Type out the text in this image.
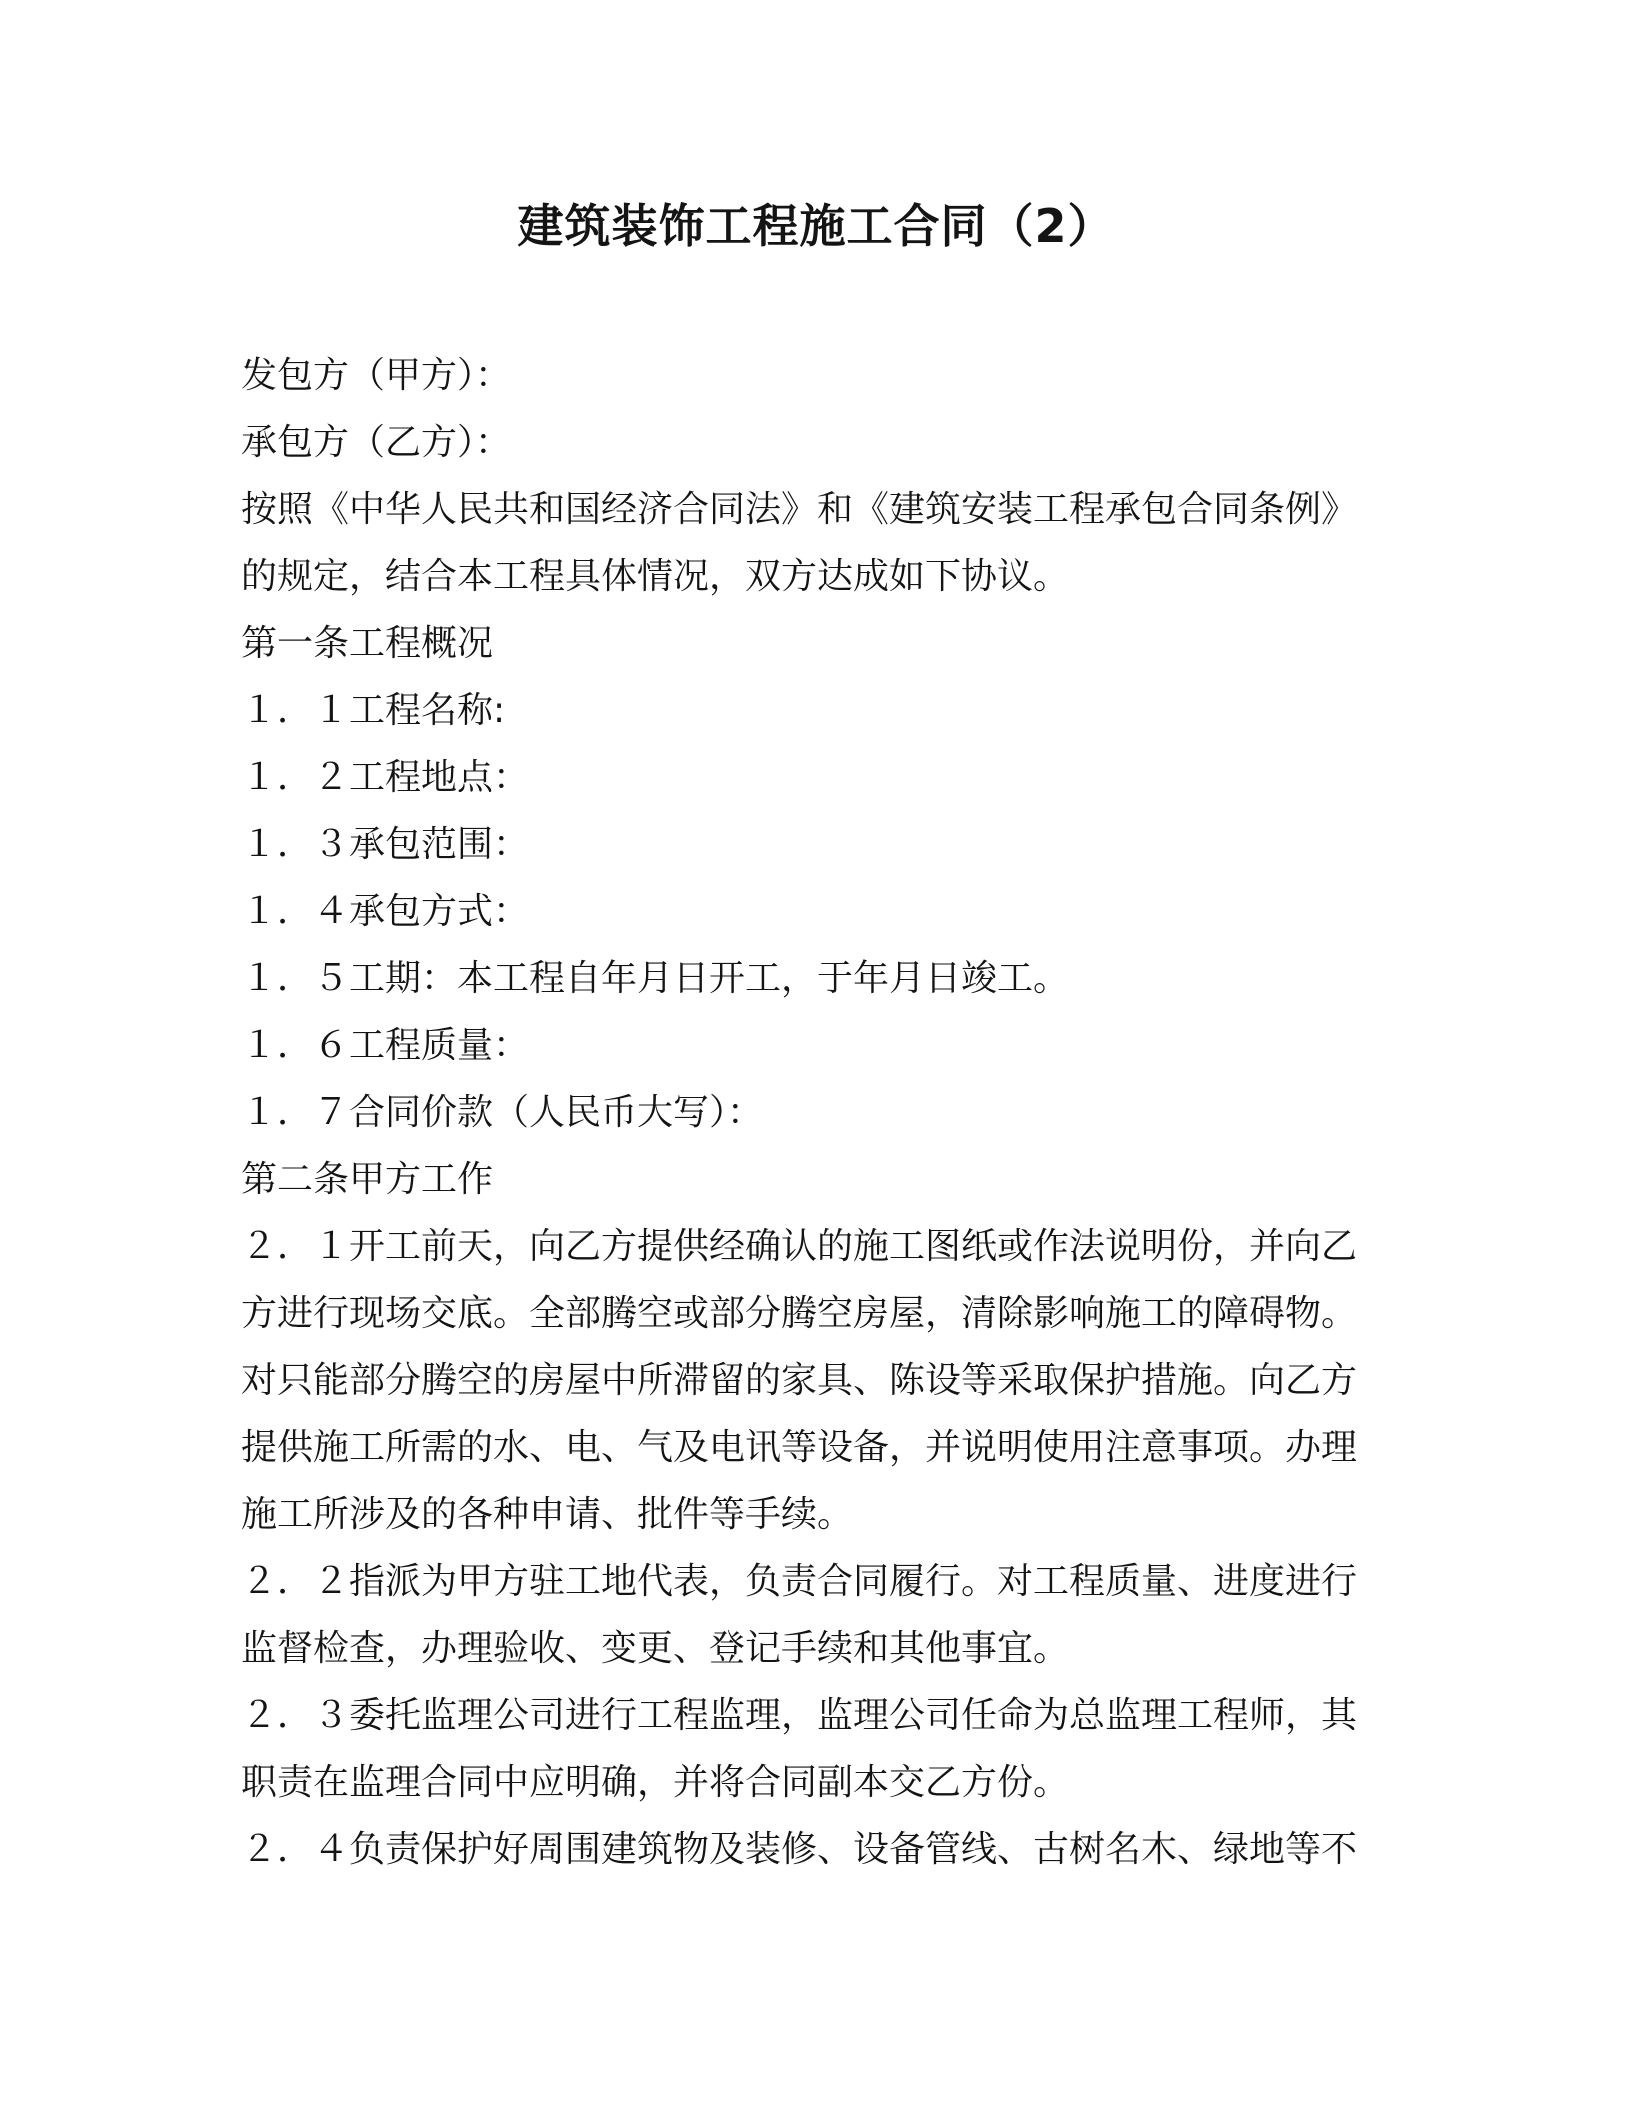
建筑装饰工程施工合同（2）
发包方（甲方）：
承包方（乙方）：
按照《中华人民共和国经济合同法》和《建筑安装工程承包合同条例》
的规定，结合本工程具体情况，双方达成如下协议。
第一条工程概况
１．１工程名称:
１．２工程地点：
１．３承包范围：
１．４承包方式：
１．５工期：本工程自年月日开工，于年月日竣工。
１．６工程质量：
１．７合同价款（人民币大写）：
第二条甲方工作
２．１开工前天，向乙方提供经确认的施工图纸或作法说明份，并向乙
方进行现场交底。全部腾空或部分腾空房屋，清除影响施工的障碍物。
对只能部分腾空的房屋中所滞留的家具、陈设等采取保护措施。向乙方
提供施工所需的水、电、气及电讯等设备，并说明使用注意事项。办理
施工所涉及的各种申请、批件等手续。
２．２指派为甲方驻工地代表，负责合同履行。对工程质量、进度进行
监督检查，办理验收、变更、登记手续和其他事宜。
２．３委托监理公司进行工程监理，监理公司任命为总监理工程师，其
职责在监理合同中应明确，并将合同副本交乙方份。
２．４负责保护好周围建筑物及装修、设备管线、古树名木、绿地等不
